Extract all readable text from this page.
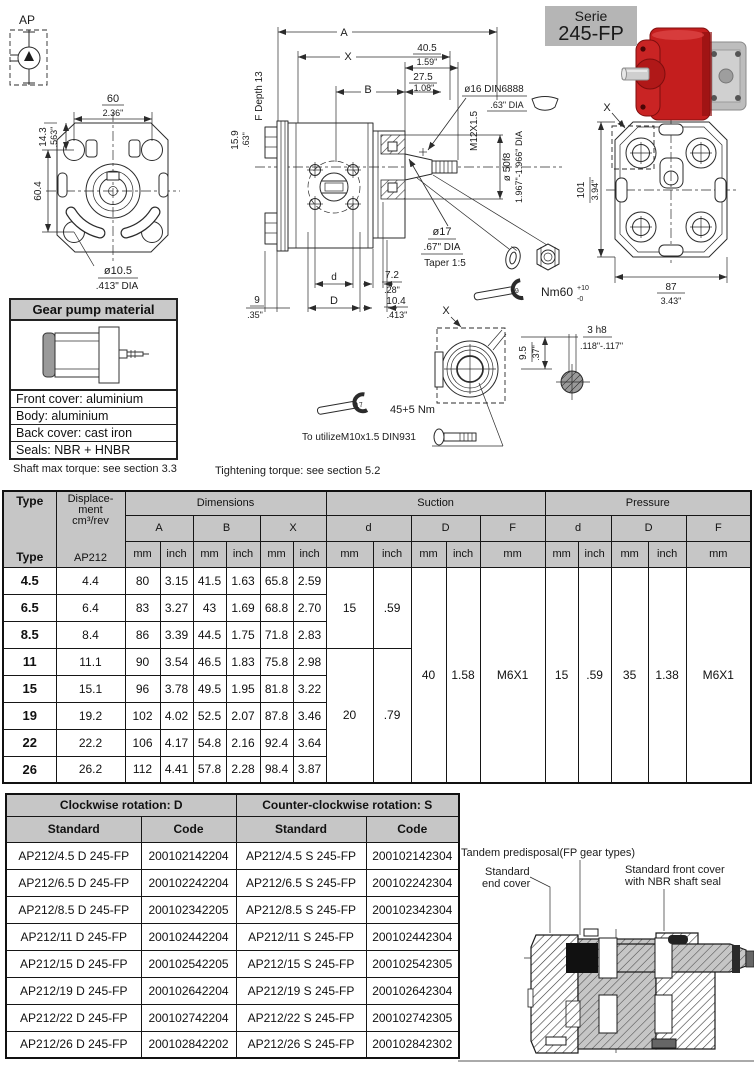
AP
60
2.36"
14.3 .563"
60.4
ø10.5
.413" DIA
A
X
40.5
1.59"
B
27.5
1.08"
F Depth 13
15.9 .63"
ø16 DIN6888
.63" DIA
M12X1.5
ø 50f8 1.967"-1.966" DIA
ø17
.67" DIA
Taper 1:5
9
.35"
d
D
7.2
.28"
10.4
.413"
19 Nm60 +10
-0
X
101 3.94"
87
3.43"
X
9.5 .37"
3 h8
.118"-.117"
17 45+5 Nm
To utilizeM10x1.5 DIN931
Serie
245-FP
Gear pump material
Front cover: aluminium
Body: aluminium
Back cover: cast iron
Seals: NBR + HNBR
Shaft max torque: see section 3.3	Tightening torque: see section 5.2
Type
Type

Displace-
ment
cm³/rev
AP212
	Dimensions	Suction	Pressure
		A		B		X		d		D		F	d		D		F
		mm	inch	mm	inch	mm	inch	mm	inch	mm	inch	mm	mm	inch	mm	inch	mm
4.5	4.4	80	3.15	41.5	1.63	65.8	2.59	15	.59	40	1.58	M6X1	15	.59	35	1.38	M6X1
6.5	6.4	83	3.27	43	1.69	68.8	2.70										
8.5	8.4	86	3.39	44.5	1.75	71.8	2.83										
11	11.1	90	3.54	46.5	1.83	75.8	2.98	20	.79								
15	15.1	96	3.78	49.5	1.95	81.8	3.22										
19	19.2	102	4.02	52.5	2.07	87.8	3.46										
22	22.2	106	4.17	54.8	2.16	92.4	3.64										
26	26.2	112	4.41	57.8	2.28	98.4	3.87										
Clockwise rotation: D		Counter-clockwise rotation: S	
Standard	Code	Standard	Code
AP212/4.5 D 245-FP	200102142204	AP212/4.5 S 245-FP	200102142304
AP212/6.5 D 245-FP	200102242204	AP212/6.5 S 245-FP	200102242304
AP212/8.5 D 245-FP	200102342205	AP212/8.5 S 245-FP	200102342304
AP212/11 D 245-FP	200102442204	AP212/11 S 245-FP	200102442304
AP212/15 D 245-FP	200102542205	AP212/15 S 245-FP	200102542305
AP212/19 D 245-FP	200102642204	AP212/19 S 245-FP	200102642304
AP212/22 D 245-FP	200102742204	AP212/22 S 245-FP	200102742305
AP212/26 D 245-FP	200102842202	AP212/26 S 245-FP	200102842302
Tandem predisposal(FP gear types)
Standard
end cover
Standard front cover
with NBR shaft seal
